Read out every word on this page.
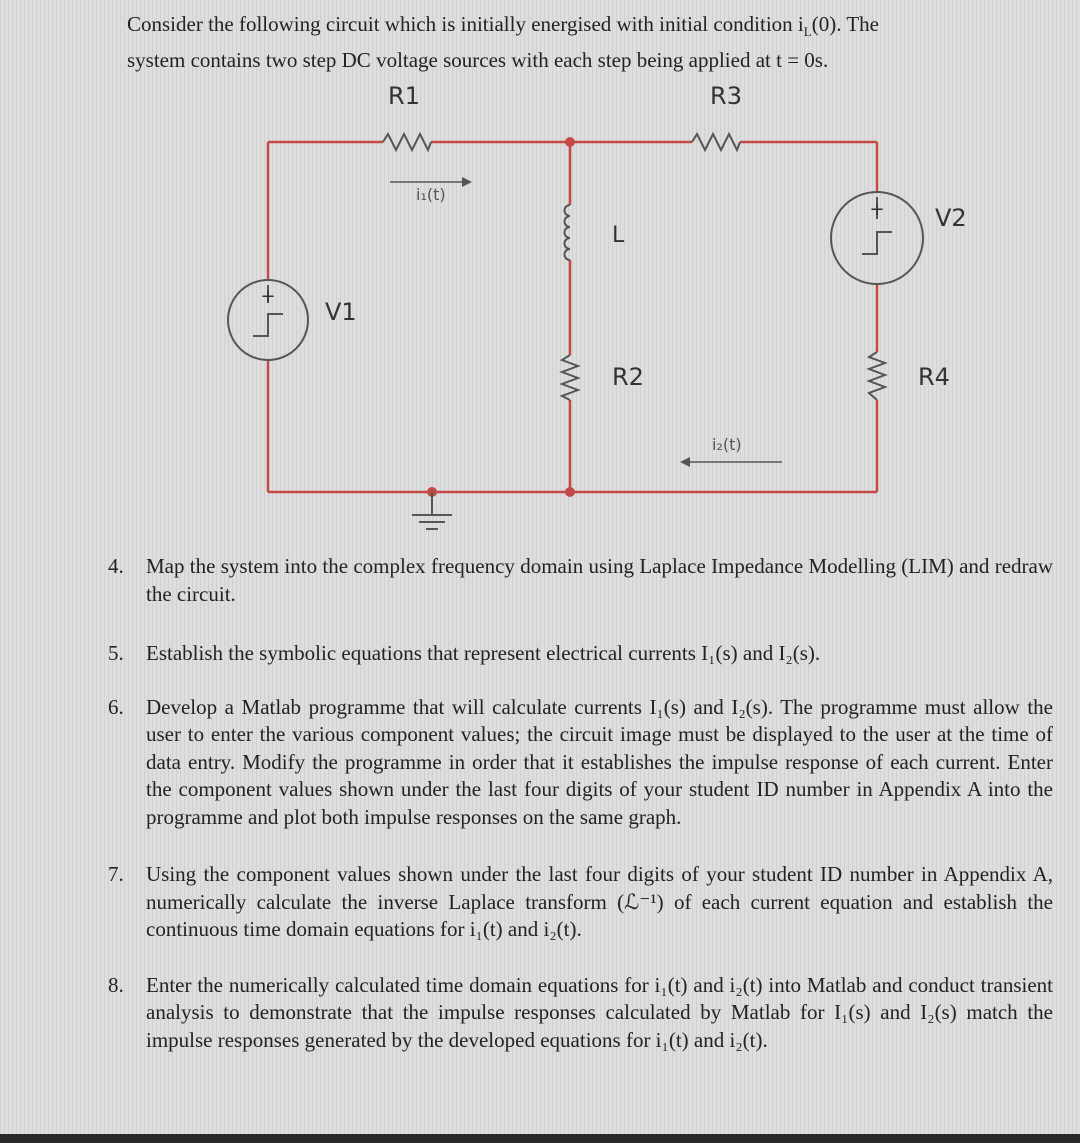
Consider the following circuit which is initially energised with initial condition $i_L(0)$. The
system contains two step DC voltage sources with each step being applied at t = 0s.
R1	R3
L
V1
V2
R2	R4
i₁(t)
i₂(t)
+
+
4. Map the system into the complex frequency domain using Laplace Impedance Modelling (LIM) and redraw the circuit.
5. Establish the symbolic equations that represent electrical currents I₁(s) and I₂(s).
6. Develop a Matlab programme that will calculate currents I₁(s) and I₂(s). The programme must allow the user to enter the various component values; the circuit image must be displayed to the user at the time of data entry. Modify the programme in order that it establishes the impulse response of each current. Enter the component values shown under the last four digits of your student ID number in Appendix A into the programme and plot both impulse responses on the same graph.
7. Using the component values shown under the last four digits of your student ID number in Appendix A, numerically calculate the inverse Laplace transform (ℒ⁻¹) of each current equation and establish the continuous time domain equations for i₁(t) and i₂(t).
8. Enter the numerically calculated time domain equations for i₁(t) and i₂(t) into Matlab and conduct transient analysis to demonstrate that the impulse responses calculated by Matlab for I₁(s) and I₂(s) match the impulse responses generated by the developed equations for i₁(t) and i₂(t).
